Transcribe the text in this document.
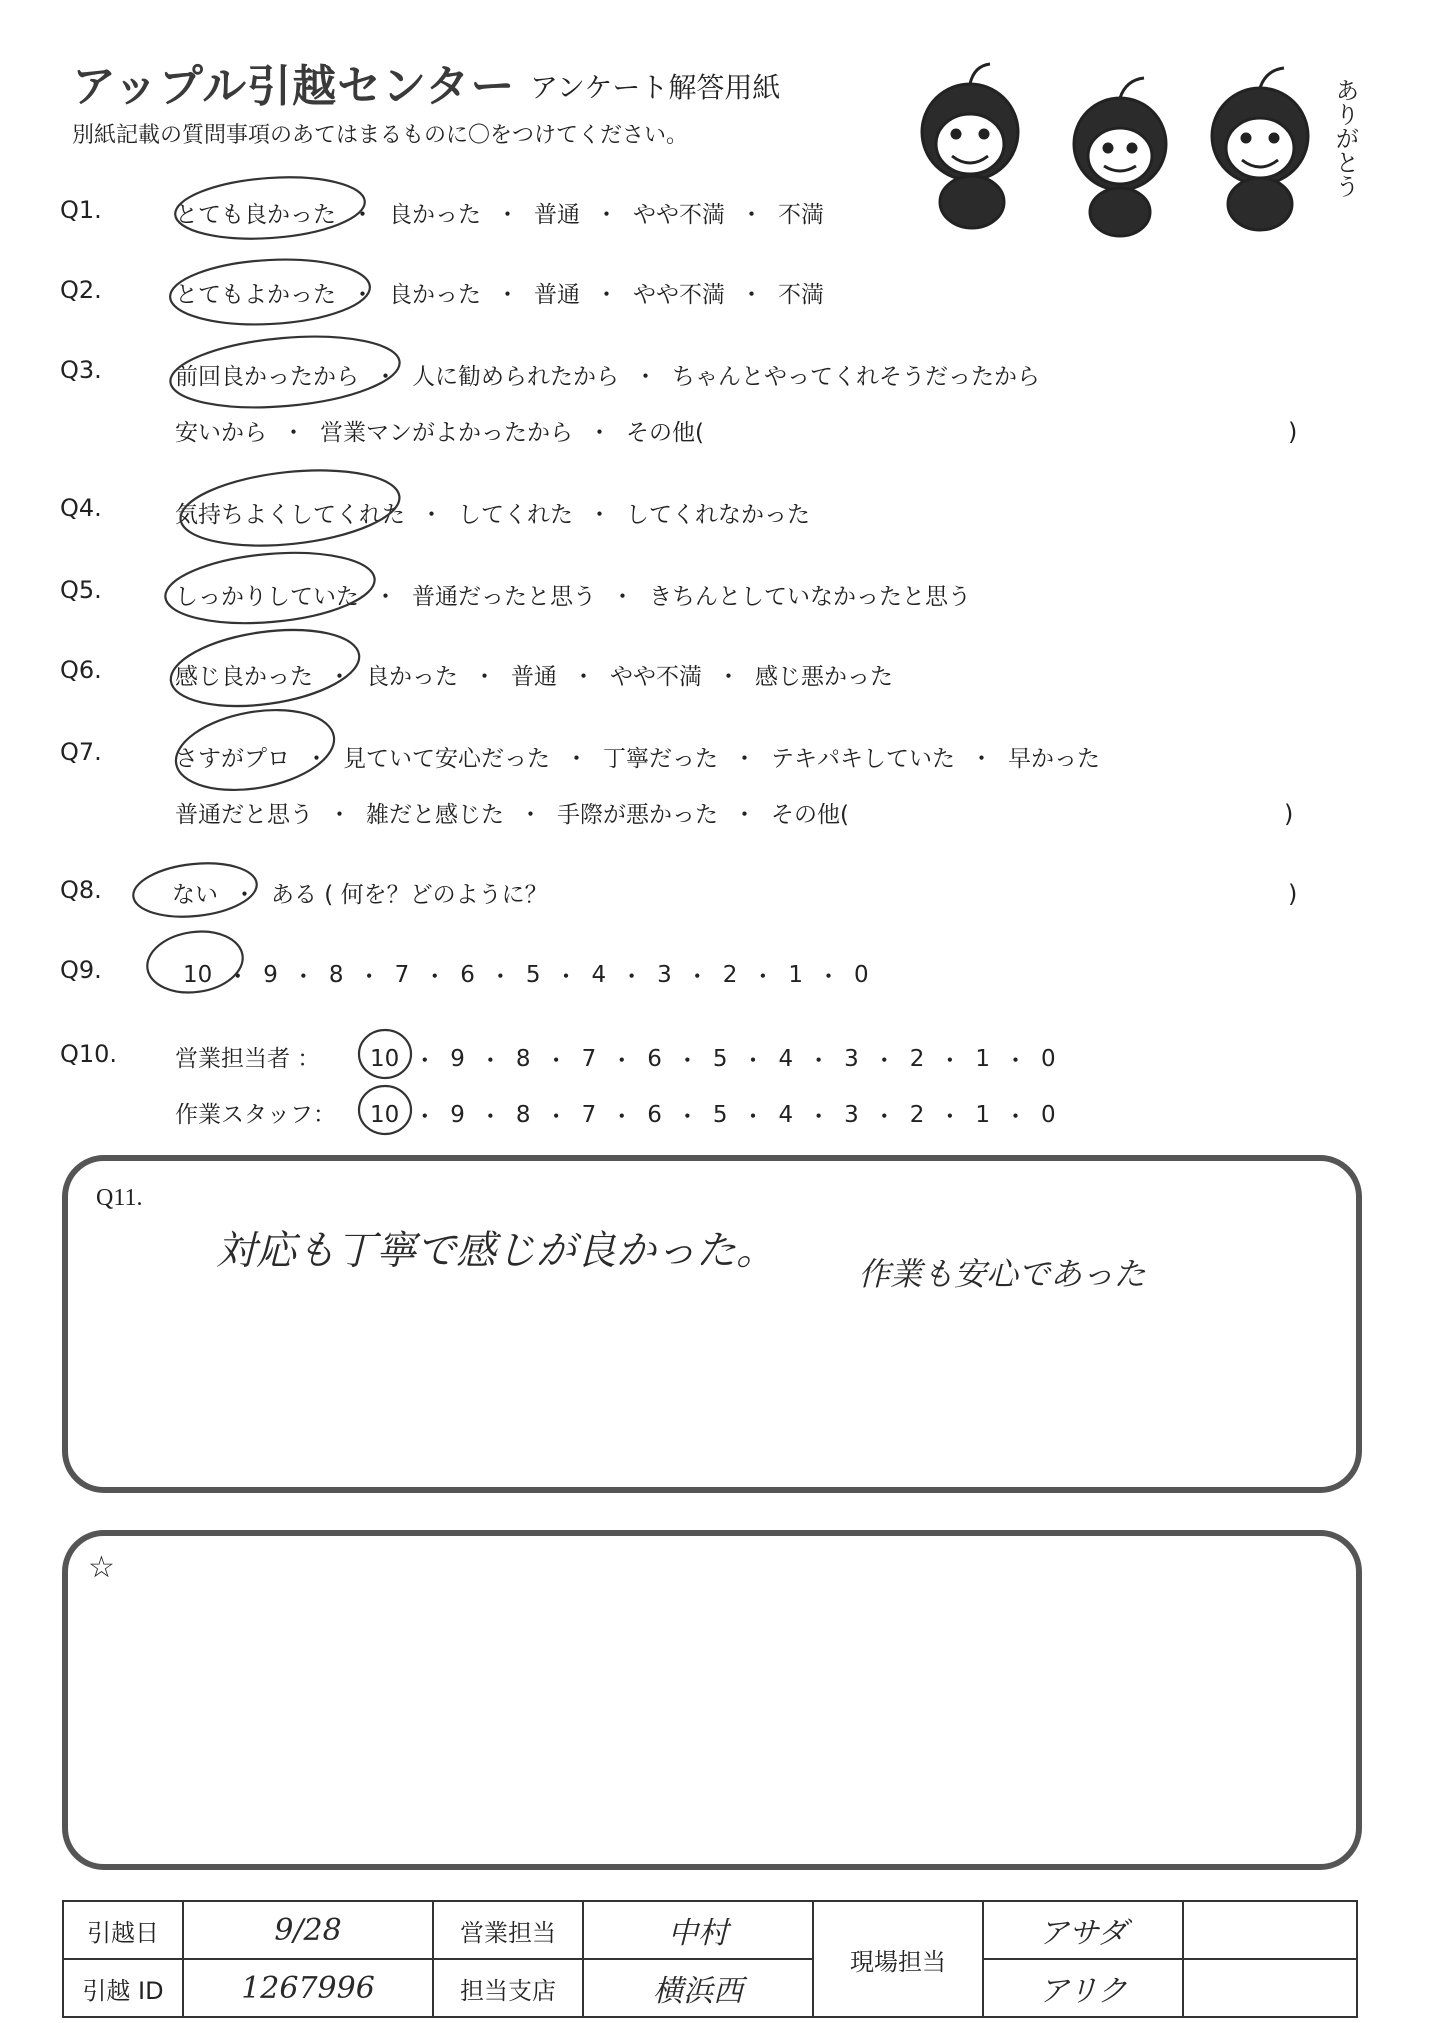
アップル引越センター アンケート解答用紙
別紙記載の質問事項のあてはまるものに〇をつけてください。	ありがとう
Q1.	とても良かった ・ 良かった ・ 普通 ・ やや不満 ・ 不満
Q2.	とてもよかった ・ 良かった ・ 普通 ・ やや不満 ・ 不満
Q3.	前回良かったから ・ 人に勧められたから ・ ちゃんとやってくれそうだったから
安いから ・ 営業マンがよかったから ・ その他(	)
Q4.	気持ちよくしてくれた ・ してくれた ・ してくれなかった
Q5.	しっかりしていた ・ 普通だったと思う ・ きちんとしていなかったと思う
Q6.	感じ良かった ・ 良かった ・ 普通 ・ やや不満 ・ 感じ悪かった
Q7.	さすがプロ ・ 見ていて安心だった ・ 丁寧だった ・ テキパキしていた ・ 早かった
普通だと思う ・ 雑だと感じた ・ 手際が悪かった ・ その他(	)
Q8.	ない ・ ある ( 何を？どのように？	)
Q9.	10 ・ 9 ・ 8 ・ 7 ・ 6 ・ 5 ・ 4 ・ 3 ・ 2 ・ 1 ・ 0
Q10.	営業担当者 ： 10 ・ 9 ・ 8 ・ 7 ・ 6 ・ 5 ・ 4 ・ 3 ・ 2 ・ 1 ・ 0
作業スタッフ： 10 ・ 9 ・ 8 ・ 7 ・ 6 ・ 5 ・ 4 ・ 3 ・ 2 ・ 1 ・ 0
Q11.
対応も丁寧で感じが良かった。	作業も安心であった
☆
引越日	9/28	営業担当	中村	現場担当	アサダ	
引越 ID	1267996	担当支店	横浜西		アリク	
